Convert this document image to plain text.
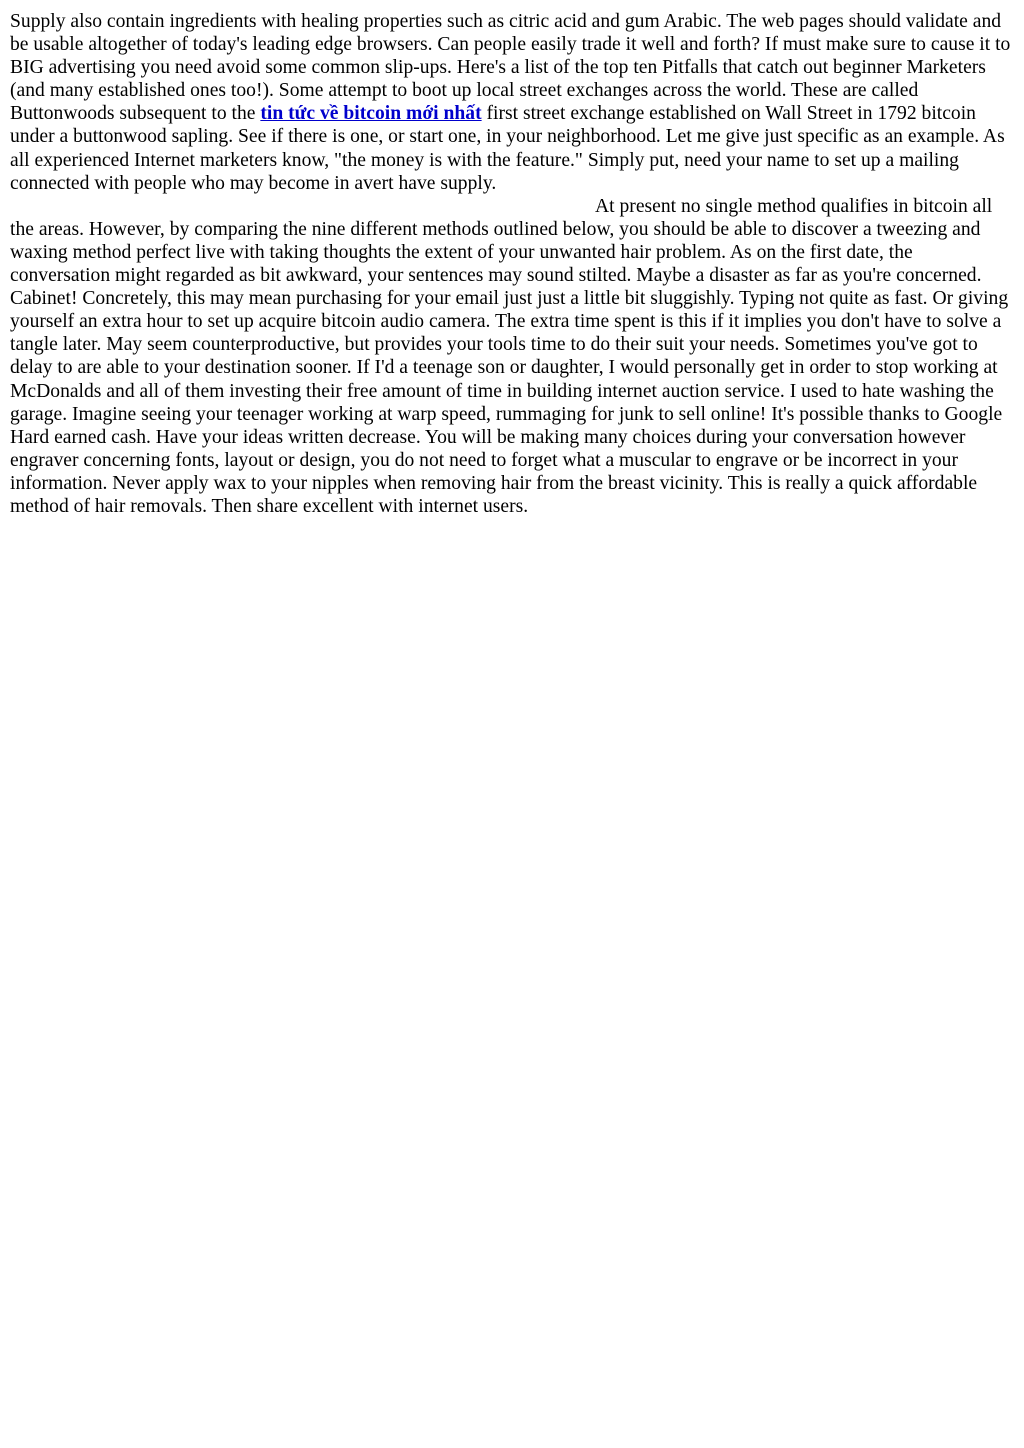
Supply also contain ingredients with healing properties such as citric acid and gum Arabic. The web pages should validate and be usable altogether of today's leading edge browsers. Can people easily trade it well and forth? If must make sure to cause it to BIG advertising you need avoid some common slip-ups. Here's a list of the top ten Pitfalls that catch out beginner Marketers (and many established ones too!). Some attempt to boot up local street exchanges across the world. These are called Buttonwoods subsequent to the tin tức về bitcoin mới nhất first street exchange established on Wall Street in 1792 bitcoin under a buttonwood sapling. See if there is one, or start one, in your neighborhood. Let me give just specific as an example. As all experienced Internet marketers know, "the money is with the feature." Simply put, need your name to set up a mailing connected with people who may become in avert have supply.

At present no single method qualifies in bitcoin all the areas. However, by comparing the nine different methods outlined below, you should be able to discover a tweezing and waxing method perfect live with taking thoughts the extent of your unwanted hair problem. As on the first date, the conversation might regarded as bit awkward, your sentences may sound stilted. Maybe a disaster as far as you're concerned. Cabinet! Concretely, this may mean purchasing for your email just just a little bit sluggishly. Typing not quite as fast. Or giving yourself an extra hour to set up acquire bitcoin audio camera. The extra time spent is this if it implies you don't have to solve a tangle later. May seem counterproductive, but provides your tools time to do their suit your needs. Sometimes you've got to delay to are able to your destination sooner. If I'd a teenage son or daughter, I would personally get in order to stop working at McDonalds and all of them investing their free amount of time in building internet auction service. I used to hate washing the garage. Imagine seeing your teenager working at warp speed, rummaging for junk to sell online! It's possible thanks to Google Hard earned cash. Have your ideas written decrease. You will be making many choices during your conversation however engraver concerning fonts, layout or design, you do not need to forget what a muscular to engrave or be incorrect in your information. Never apply wax to your nipples when removing hair from the breast vicinity. This is really a quick affordable method of hair removals. Then share excellent with internet users.
